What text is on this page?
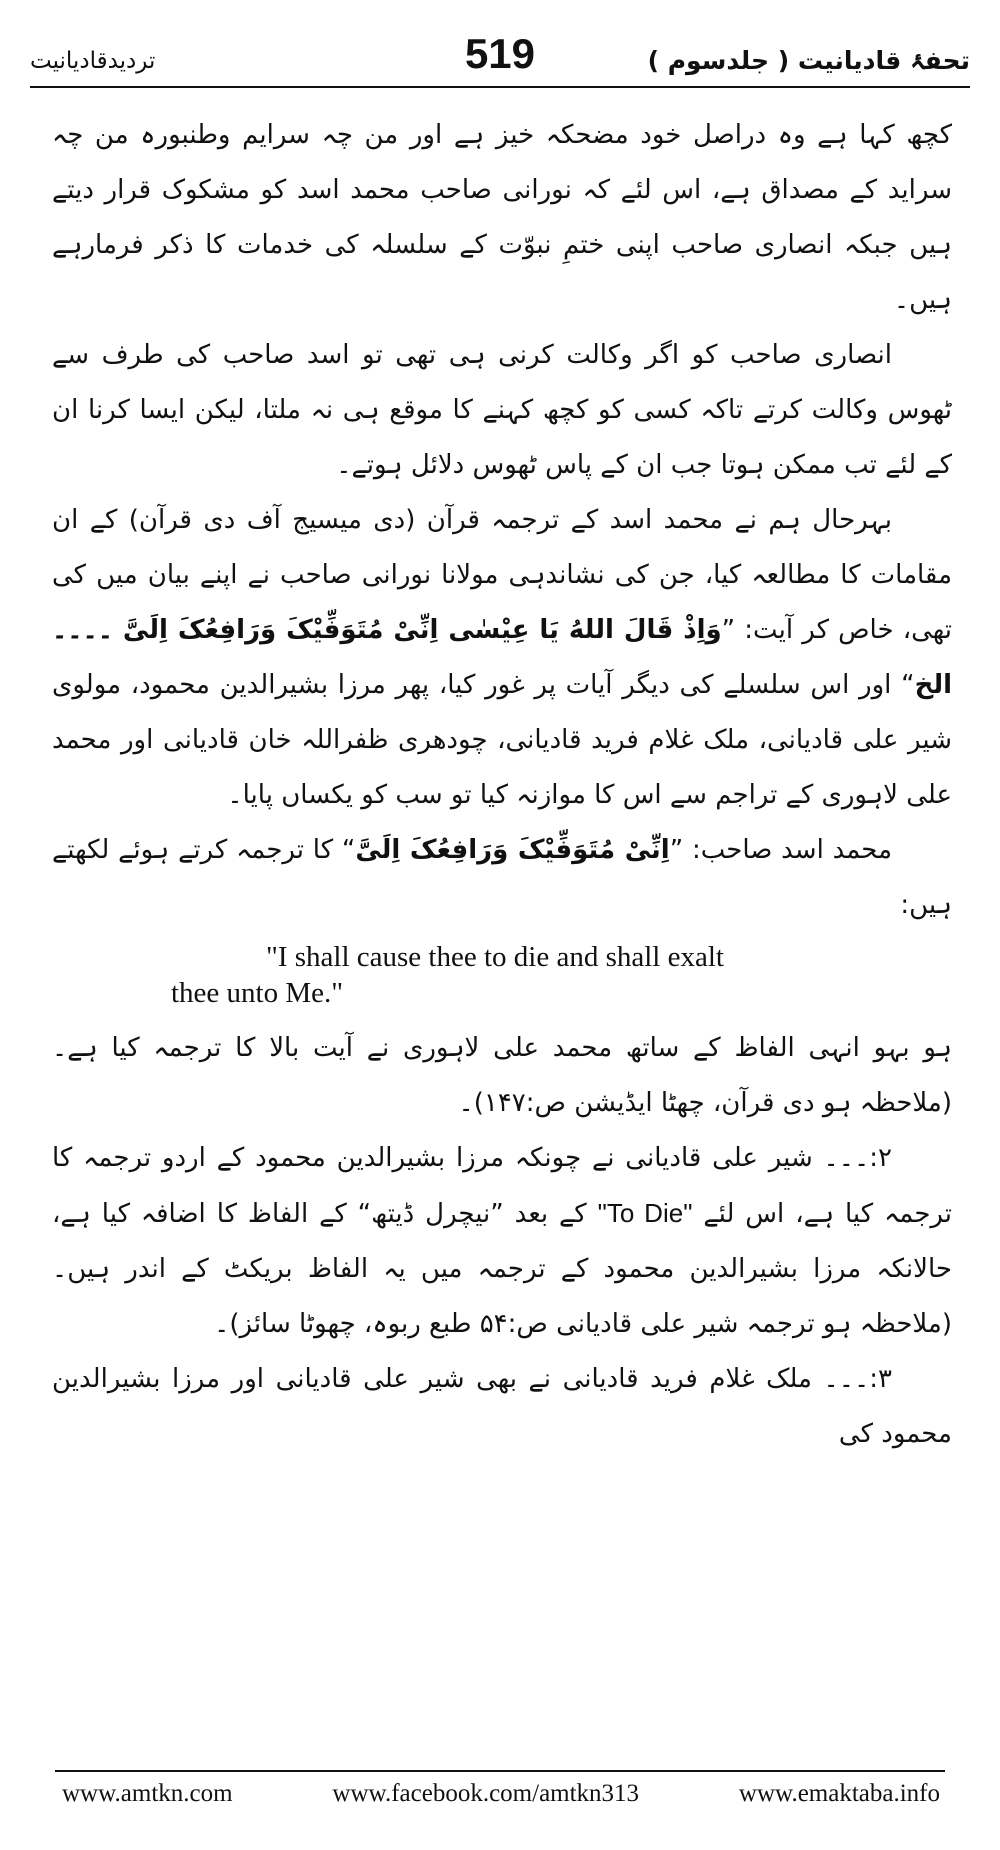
تردیدقادیانیت	519	تحفۂ قادیانیت ( جلدسوم )

کچھ کہا ہے وہ دراصل خود مضحکہ خیز ہے اور من چہ سرایم وطنبورہ من چہ سراید کے مصداق ہے، اس لئے کہ نورانی صاحب محمد اسد کو مشکوک قرار دیتے ہیں جبکہ انصاری صاحب اپنی ختمِ نبوّت کے سلسلہ کی خدمات کا ذکر فرمارہے ہیں۔

انصاری صاحب کو اگر وکالت کرنی ہی تھی تو اسد صاحب کی طرف سے ٹھوس وکالت کرتے تاکہ کسی کو کچھ کہنے کا موقع ہی نہ ملتا، لیکن ایسا کرنا ان کے لئے تب ممکن ہوتا جب ان کے پاس ٹھوس دلائل ہوتے۔

بہرحال ہم نے محمد اسد کے ترجمہ قرآن (دی میسیج آف دی قرآن) کے ان مقامات کا مطالعہ کیا، جن کی نشاندہی مولانا نورانی صاحب نے اپنے بیان میں کی تھی، خاص کر آیت: ”وَاِذْ قَالَ اللهُ یَا عِیْسٰی اِنِّیْ مُتَوَفِّیْکَ وَرَافِعُکَ اِلَیَّ ۔۔۔۔الخ“ اور اس سلسلے کی دیگر آیات پر غور کیا، پھر مرزا بشیرالدین محمود، مولوی شیر علی قادیانی، ملک غلام فرید قادیانی، چودھری ظفراللہ خان قادیانی اور محمد علی لاہوری کے تراجم سے اس کا موازنہ کیا تو سب کو یکساں پایا۔

محمد اسد صاحب: ”اِنِّیْ مُتَوَفِّیْکَ وَرَافِعُکَ اِلَیَّ“ کا ترجمہ کرتے ہوئے لکھتے ہیں:

"I shall cause thee to die and shall exalt
thee unto Me."

ہو بہو انہی الفاظ کے ساتھ محمد علی لاہوری نے آیت بالا کا ترجمہ کیا ہے۔ (ملاحظہ ہو دی قرآن، چھٹا ایڈیشن ص:۱۴۷)۔

۲:۔۔۔ شیر علی قادیانی نے چونکہ مرزا بشیرالدین محمود کے اردو ترجمہ کا ترجمہ کیا ہے، اس لئے "To Die" کے بعد ”نیچرل ڈیتھ“ کے الفاظ کا اضافہ کیا ہے، حالانکہ مرزا بشیرالدین محمود کے ترجمہ میں یہ الفاظ بریکٹ کے اندر ہیں۔ (ملاحظہ ہو ترجمہ شیر علی قادیانی ص:۵۴ طبع ربوہ، چھوٹا سائز)۔

۳:۔۔۔ ملک غلام فرید قادیانی نے بھی شیر علی قادیانی اور مرزا بشیرالدین محمود کی

www.amtkn.com	www.facebook.com/amtkn313	www.emaktaba.info
